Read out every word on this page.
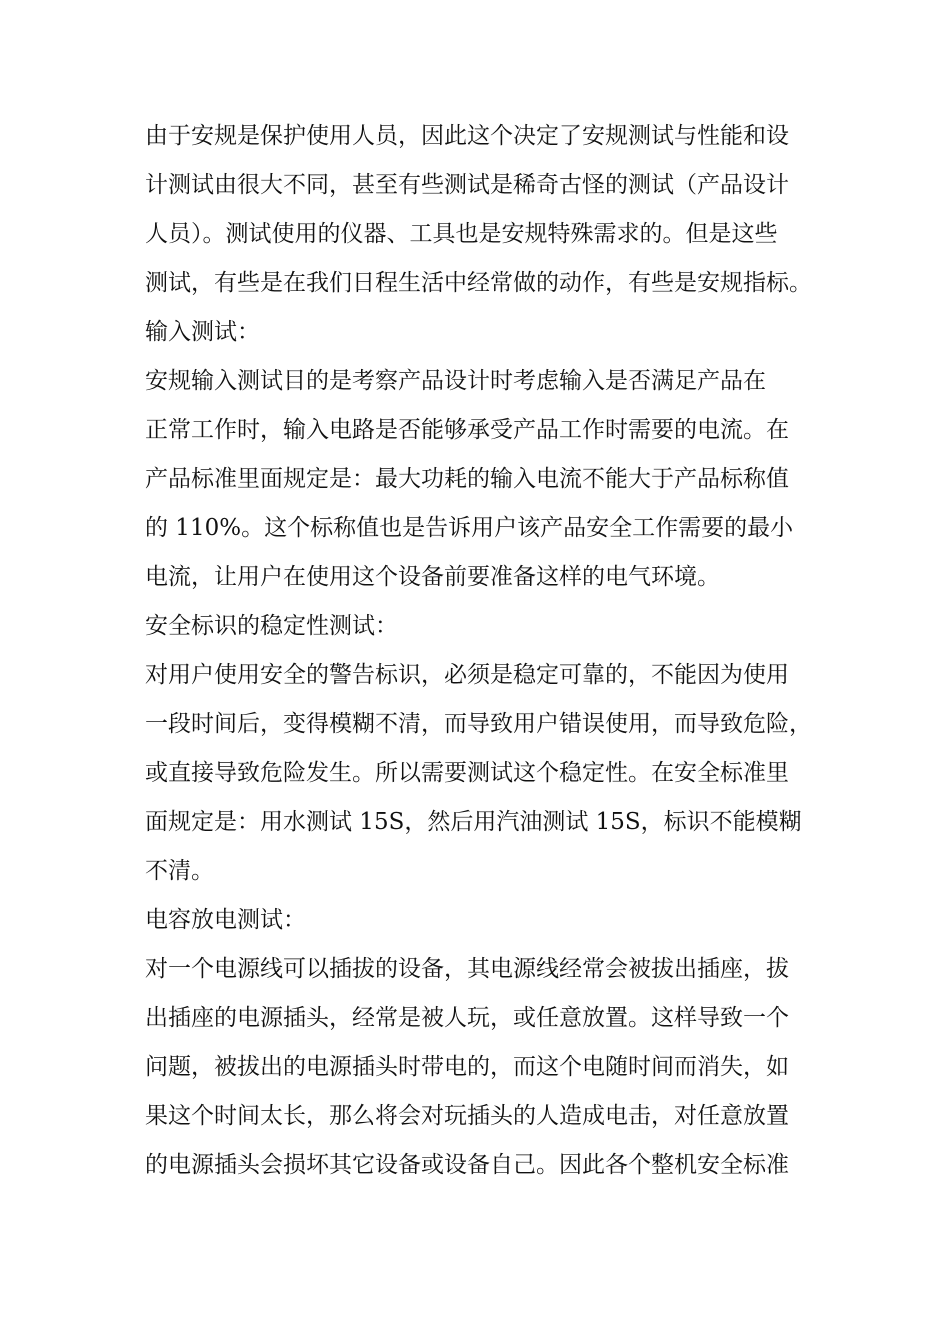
由于安规是保护使用人员，因此这个决定了安规测试与性能和设
计测试由很大不同，甚至有些测试是稀奇古怪的测试（产品设计
人员）。测试使用的仪器、工具也是安规特殊需求的。但是这些
测试，有些是在我们日程生活中经常做的动作，有些是安规指标。
输入测试：
安规输入测试目的是考察产品设计时考虑输入是否满足产品在
正常工作时，输入电路是否能够承受产品工作时需要的电流。在
产品标准里面规定是：最大功耗的输入电流不能大于产品标称值
的 110%。这个标称值也是告诉用户该产品安全工作需要的最小
电流，让用户在使用这个设备前要准备这样的电气环境。
安全标识的稳定性测试：
对用户使用安全的警告标识，必须是稳定可靠的，不能因为使用
一段时间后，变得模糊不清，而导致用户错误使用，而导致危险，
或直接导致危险发生。所以需要测试这个稳定性。在安全标准里
面规定是：用水测试 15S，然后用汽油测试 15S，标识不能模糊
不清。
电容放电测试：
对一个电源线可以插拔的设备，其电源线经常会被拔出插座，拔
出插座的电源插头，经常是被人玩，或任意放置。这样导致一个
问题，被拔出的电源插头时带电的，而这个电随时间而消失，如
果这个时间太长，那么将会对玩插头的人造成电击，对任意放置
的电源插头会损坏其它设备或设备自己。因此各个整机安全标准
